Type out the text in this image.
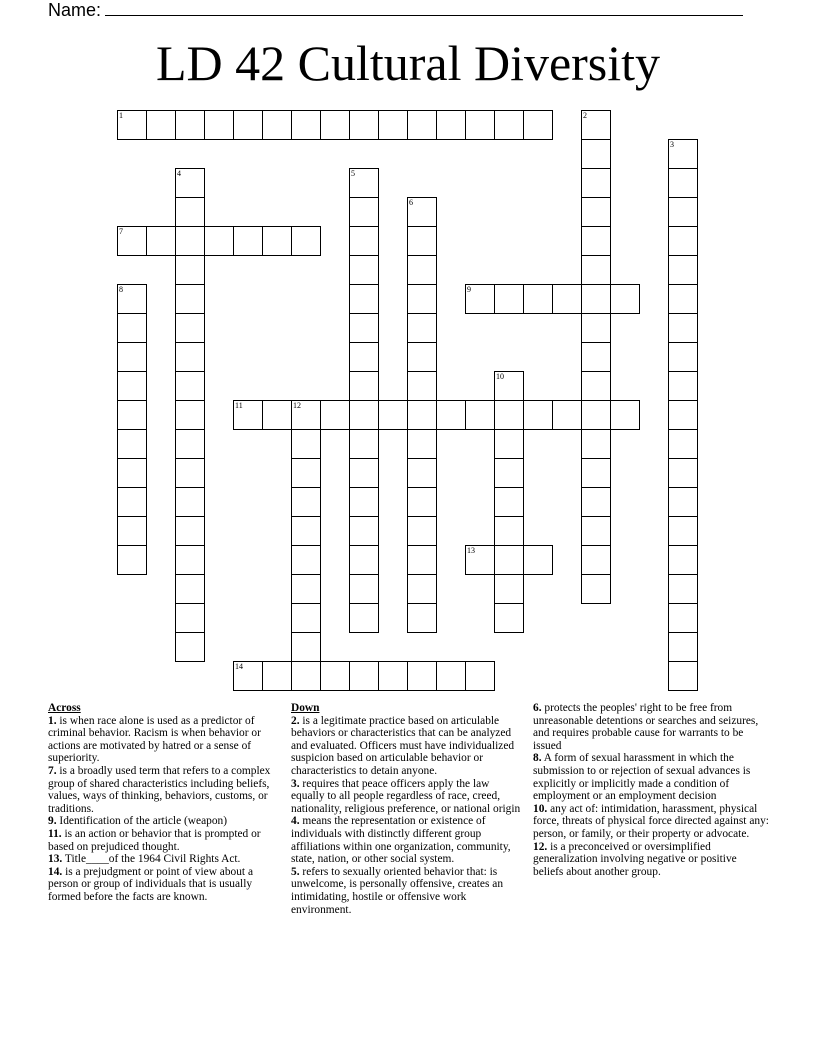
Name:
LD 42 Cultural Diversity
1	2
3
4	5
6
7
8	9
10
11	12
13
14
Across
1. is when race alone is used as a predictor of criminal behavior. Racism is when behavior or actions are motivated by hatred or a sense of superiority.
7. is a broadly used term that refers to a complex group of shared characteristics including beliefs, values, ways of thinking, behaviors, customs, or traditions.
9. Identification of the article (weapon)
11. is an action or behavior that is prompted or based on prejudiced thought.
13. Title____of the 1964 Civil Rights Act.
14. is a prejudgment or point of view about a person or group of individuals that is usually formed before the facts are known.
Down
2. is a legitimate practice based on articulable behaviors or characteristics that can be analyzed and evaluated. Officers must have individualized suspicion based on articulable behavior or characteristics to detain anyone.
3. requires that peace officers apply the law equally to all people regardless of race, creed, nationality, religious preference, or national origin
4. means the representation or existence of individuals with distinctly different group affiliations within one organization, community, state, nation, or other social system.
5. refers to sexually oriented behavior that: is unwelcome, is personally offensive, creates an intimidating, hostile or offensive work environment.
6. protects the peoples' right to be free from unreasonable detentions or searches and seizures, and requires probable cause for warrants to be issued
8. A form of sexual harassment in which the submission to or rejection of sexual advances is explicitly or implicitly made a condition of employment or an employment decision
10. any act of: intimidation, harassment, physical force, threats of physical force directed against any: person, or family, or their property or advocate.
12. is a preconceived or oversimplified generalization involving negative or positive beliefs about another group.
